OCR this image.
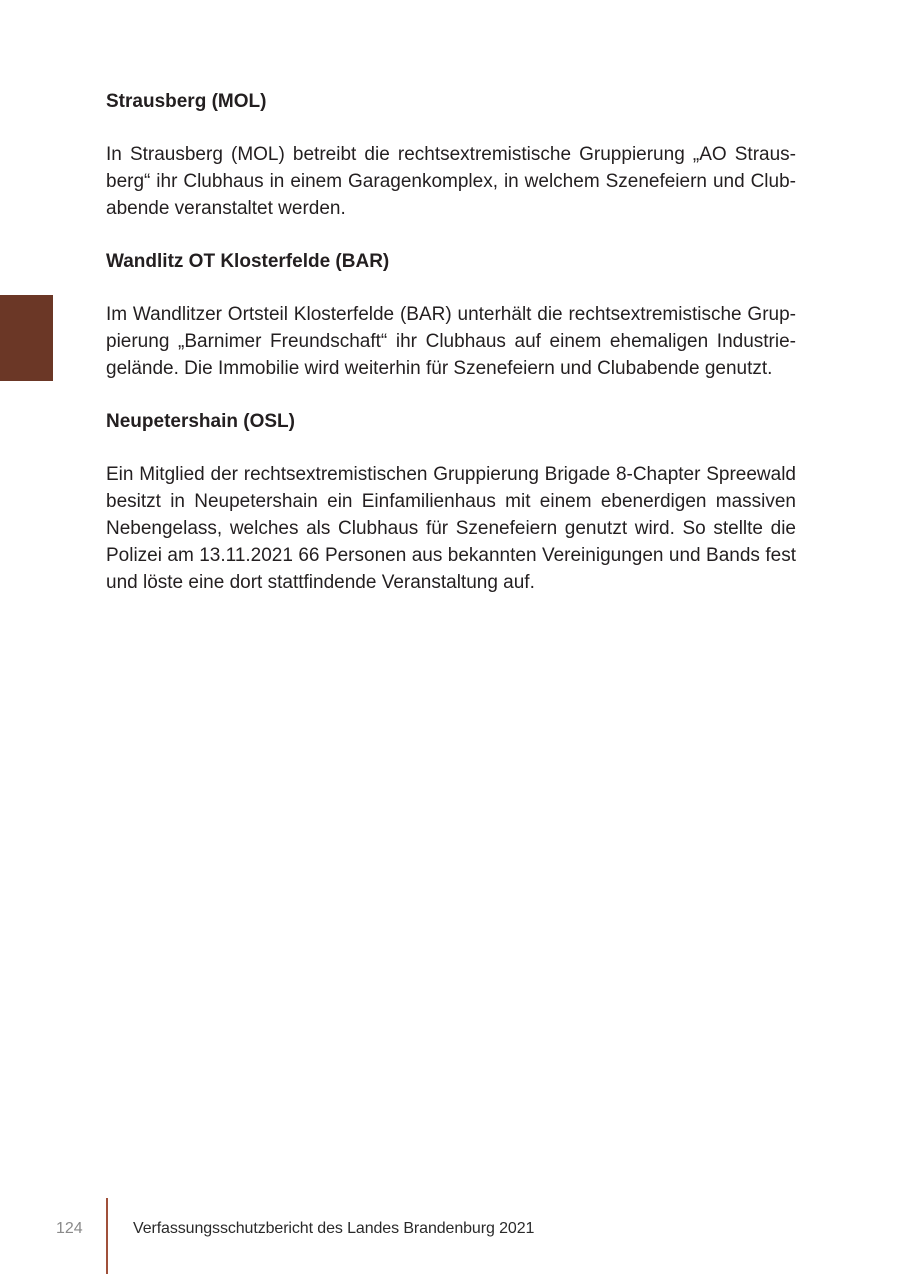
Strausberg (MOL)

In Strausberg (MOL) betreibt die rechtsextremistische Gruppierung „AO Strausberg“ ihr Clubhaus in einem Garagenkomplex, in welchem Szenefeiern und Clubabende veranstaltet werden.

Wandlitz OT Klosterfelde (BAR)

Im Wandlitzer Ortsteil Klosterfelde (BAR) unterhält die rechtsextremistische Gruppierung „Barnimer Freundschaft“ ihr Clubhaus auf einem ehemaligen Industriegelände. Die Immobilie wird weiterhin für Szenefeiern und Clubabende genutzt.

Neupetershain (OSL)

Ein Mitglied der rechtsextremistischen Gruppierung Brigade 8-Chapter Spreewald besitzt in Neupetershain ein Einfamilienhaus mit einem ebenerdigen massiven Nebengelass, welches als Clubhaus für Szenefeiern genutzt wird. So stellte die Polizei am 13.11.2021 66 Personen aus bekannten Vereinigungen und Bands fest und löste eine dort stattfindende Veranstaltung auf.

124	Verfassungsschutzbericht des Landes Brandenburg 2021
